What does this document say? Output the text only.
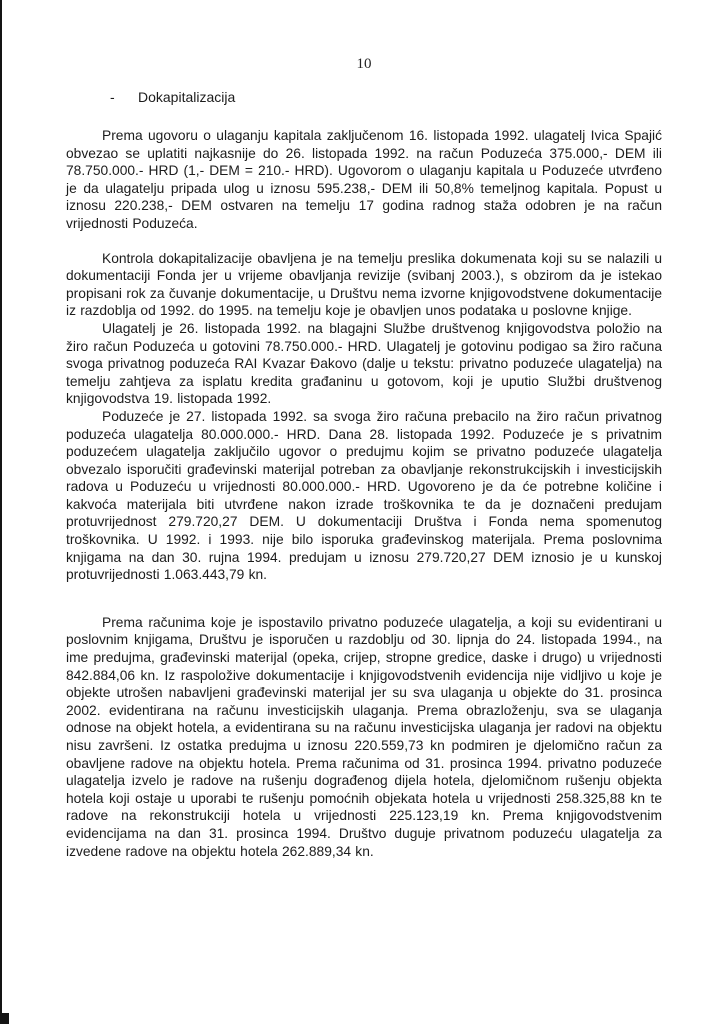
10
-	Dokapitalizacija

Prema ugovoru o ulaganju kapitala zaključenom 16. listopada 1992. ulagatelj Ivica Spajić obvezao se uplatiti najkasnije do 26. listopada 1992. na račun Poduzeća 375.000,- DEM ili 78.750.000.- HRD (1,- DEM = 210.- HRD). Ugovorom o ulaganju kapitala u Poduzeće utvrđeno je da ulagatelju pripada ulog u iznosu 595.238,- DEM ili 50,8% temeljnog kapitala. Popust u iznosu 220.238,- DEM ostvaren na temelju 17 godina radnog staža odobren je na račun vrijednosti Poduzeća.

Kontrola dokapitalizacije obavljena je na temelju preslika dokumenata koji su se nalazili u dokumentaciji Fonda jer u vrijeme obavljanja revizije (svibanj 2003.), s obzirom da je istekao propisani rok za čuvanje dokumentacije, u Društvu nema izvorne knjigovodstvene dokumentacije iz razdoblja od 1992. do 1995. na temelju koje je obavljen unos podataka u poslovne knjige.

Ulagatelj je 26. listopada 1992. na blagajni Službe društvenog knjigovodstva položio na žiro račun Poduzeća u gotovini 78.750.000.- HRD. Ulagatelj je gotovinu podigao sa žiro računa svoga privatnog poduzeća RAI Kvazar Đakovo (dalje u tekstu: privatno poduzeće ulagatelja) na temelju zahtjeva za isplatu kredita građaninu u gotovom, koji je uputio Službi društvenog knjigovodstva 19. listopada 1992.

Poduzeće je 27. listopada 1992. sa svoga žiro računa prebacilo na žiro račun privatnog poduzeća ulagatelja 80.000.000.- HRD. Dana 28. listopada 1992. Poduzeće je s privatnim poduzećem ulagatelja zaključilo ugovor o predujmu kojim se privatno poduzeće ulagatelja obvezalo isporučiti građevinski materijal potreban za obavljanje rekonstrukcijskih i investicijskih radova u Poduzeću u vrijednosti 80.000.000.- HRD. Ugovoreno je da će potrebne količine i kakvoća materijala biti utvrđene nakon izrade troškovnika te da je doznačeni predujam protuvrijednost 279.720,27 DEM. U dokumentaciji Društva i Fonda nema spomenutog troškovnika. U 1992. i 1993. nije bilo isporuka građevinskog materijala. Prema poslovnima knjigama na dan 30. rujna 1994. predujam u iznosu 279.720,27 DEM iznosio je u kunskoj protuvrijednosti 1.063.443,79 kn.

Prema računima koje je ispostavilo privatno poduzeće ulagatelja, a koji su evidentirani u poslovnim knjigama, Društvu je isporučen u razdoblju od 30. lipnja do 24. listopada 1994., na ime predujma, građevinski materijal (opeka, crijep, stropne gredice, daske i drugo) u vrijednosti 842.884,06 kn. Iz raspoložive dokumentacije i knjigovodstvenih evidencija nije vidljivo u koje je objekte utrošen nabavljeni građevinski materijal jer su sva ulaganja u objekte do 31. prosinca 2002. evidentirana na računu investicijskih ulaganja. Prema obrazloženju, sva se ulaganja odnose na objekt hotela, a evidentirana su na računu investicijska ulaganja jer radovi na objektu nisu završeni. Iz ostatka predujma u iznosu 220.559,73 kn podmiren je djelomično račun za obavljene radove na objektu hotela. Prema računima od 31. prosinca 1994. privatno poduzeće ulagatelja izvelo je radove na rušenju dograđenog dijela hotela, djelomičnom rušenju objekta hotela koji ostaje u uporabi te rušenju pomoćnih objekata hotela u vrijednosti 258.325,88 kn te radove na rekonstrukciji hotela u vrijednosti 225.123,19 kn. Prema knjigovodstvenim evidencijama na dan 31. prosinca 1994. Društvo duguje privatnom poduzeću ulagatelja za izvedene radove na objektu hotela 262.889,34 kn.
